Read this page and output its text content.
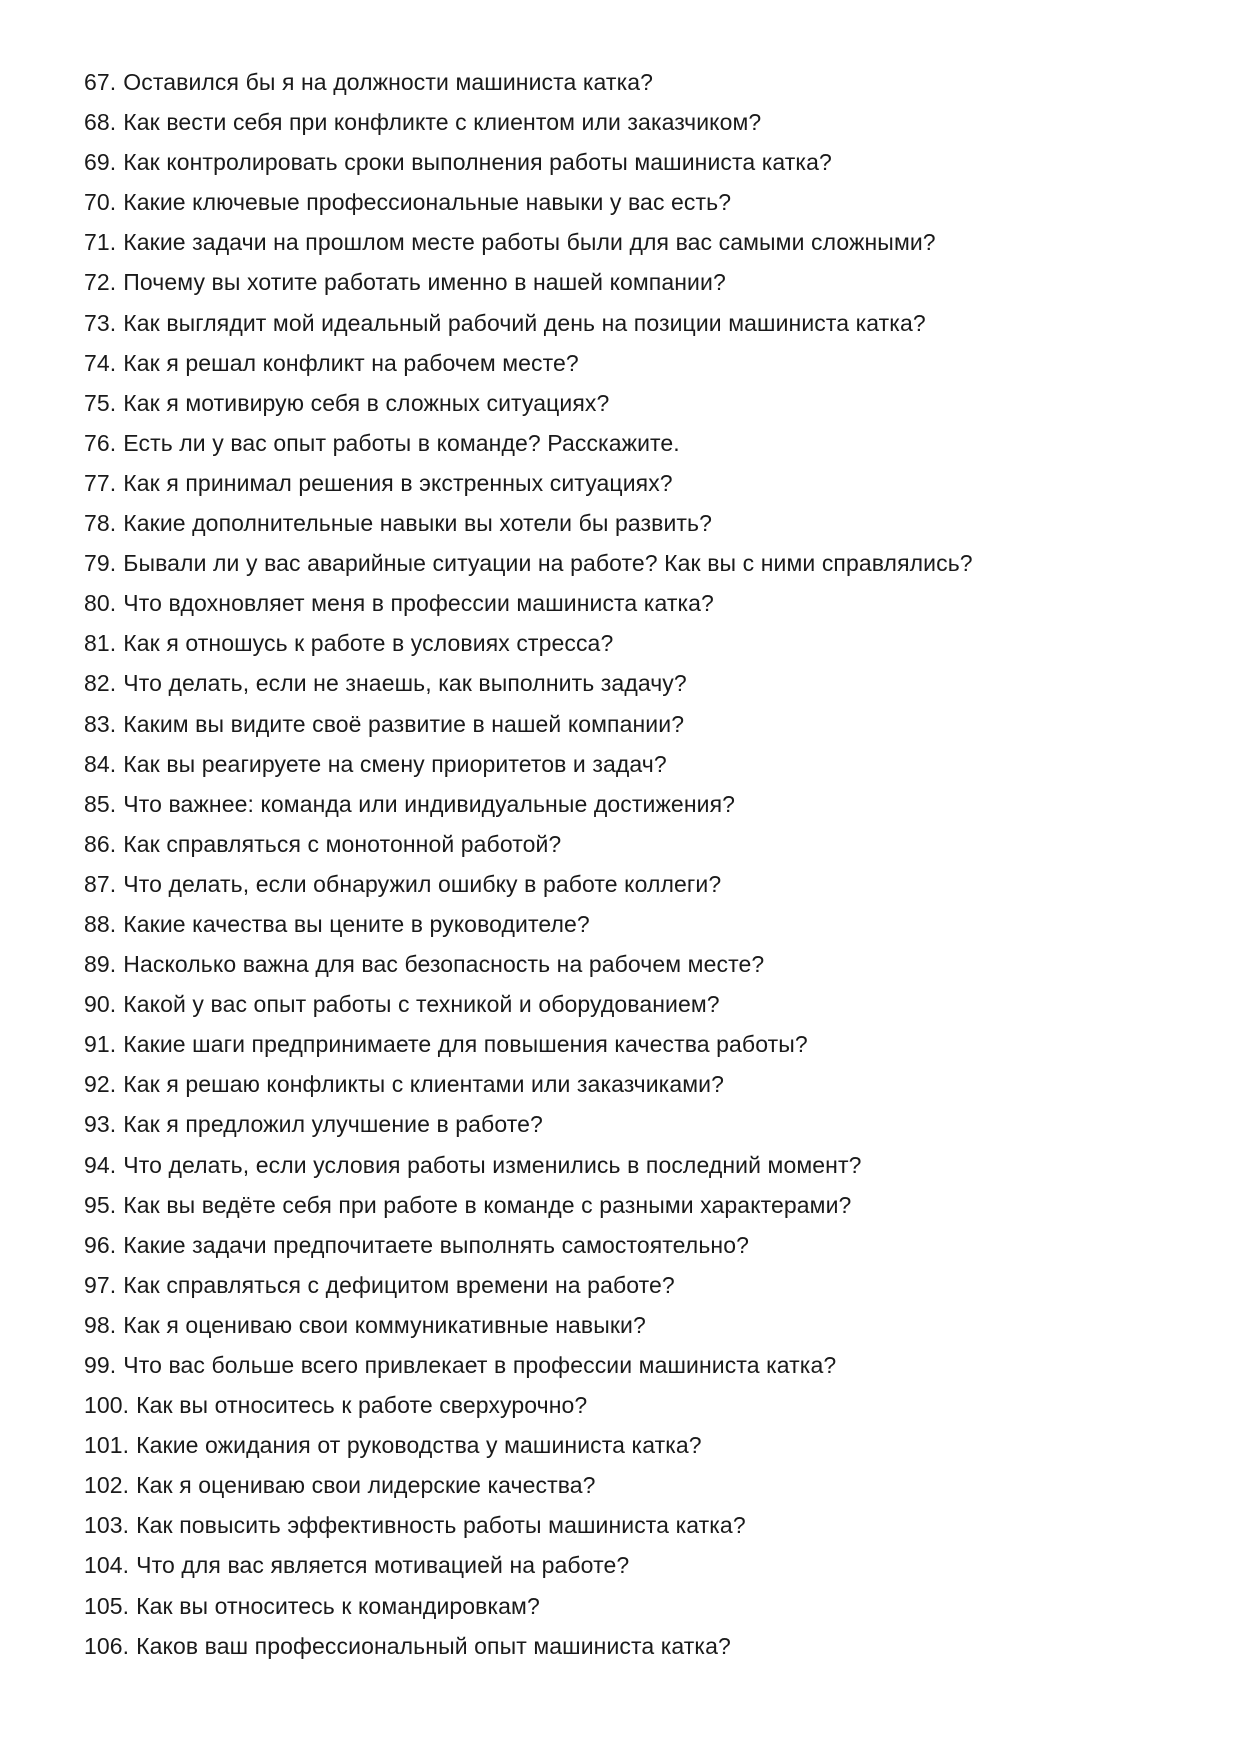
67. Оставился бы я на должности машиниста катка?
68. Как вести себя при конфликте с клиентом или заказчиком?
69. Как контролировать сроки выполнения работы машиниста катка?
70. Какие ключевые профессиональные навыки у вас есть?
71. Какие задачи на прошлом месте работы были для вас самыми сложными?
72. Почему вы хотите работать именно в нашей компании?
73. Как выглядит мой идеальный рабочий день на позиции машиниста катка?
74. Как я решал конфликт на рабочем месте?
75. Как я мотивирую себя в сложных ситуациях?
76. Есть ли у вас опыт работы в команде? Расскажите.
77. Как я принимал решения в экстренных ситуациях?
78. Какие дополнительные навыки вы хотели бы развить?
79. Бывали ли у вас аварийные ситуации на работе? Как вы с ними справлялись?
80. Что вдохновляет меня в профессии машиниста катка?
81. Как я отношусь к работе в условиях стресса?
82. Что делать, если не знаешь, как выполнить задачу?
83. Каким вы видите своё развитие в нашей компании?
84. Как вы реагируете на смену приоритетов и задач?
85. Что важнее: команда или индивидуальные достижения?
86. Как справляться с монотонной работой?
87. Что делать, если обнаружил ошибку в работе коллеги?
88. Какие качества вы цените в руководителе?
89. Насколько важна для вас безопасность на рабочем месте?
90. Какой у вас опыт работы с техникой и оборудованием?
91. Какие шаги предпринимаете для повышения качества работы?
92. Как я решаю конфликты с клиентами или заказчиками?
93. Как я предложил улучшение в работе?
94. Что делать, если условия работы изменились в последний момент?
95. Как вы ведёте себя при работе в команде с разными характерами?
96. Какие задачи предпочитаете выполнять самостоятельно?
97. Как справляться с дефицитом времени на работе?
98. Как я оцениваю свои коммуникативные навыки?
99. Что вас больше всего привлекает в профессии машиниста катка?
100. Как вы относитесь к работе сверхурочно?
101. Какие ожидания от руководства у машиниста катка?
102. Как я оцениваю свои лидерские качества?
103. Как повысить эффективность работы машиниста катка?
104. Что для вас является мотивацией на работе?
105. Как вы относитесь к командировкам?
106. Каков ваш профессиональный опыт машиниста катка?
